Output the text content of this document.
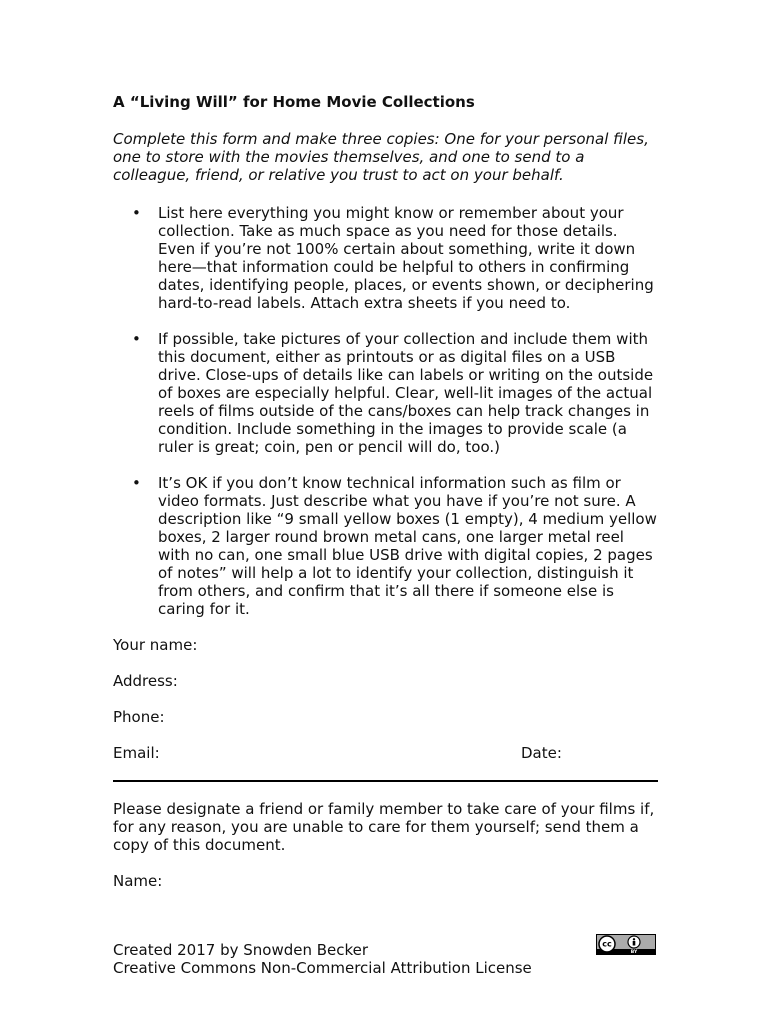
A “Living Will” for Home Movie Collections

Complete this form and make three copies: One for your personal files, one to store with the movies themselves, and one to send to a colleague, friend, or relative you trust to act on your behalf.

• List here everything you might know or remember about your collection. Take as much space as you need for those details. Even if you’re not 100% certain about something, write it down here—that information could be helpful to others in confirming dates, identifying people, places, or events shown, or deciphering hard-to-read labels. Attach extra sheets if you need to.
• If possible, take pictures of your collection and include them with this document, either as printouts or as digital files on a USB drive. Close-ups of details like can labels or writing on the outside of boxes are especially helpful. Clear, well-lit images of the actual reels of films outside of the cans/boxes can help track changes in condition. Include something in the images to provide scale (a ruler is great; coin, pen or pencil will do, too.)
• It’s OK if you don’t know technical information such as film or video formats. Just describe what you have if you’re not sure. A description like “9 small yellow boxes (1 empty), 4 medium yellow boxes, 2 larger round brown metal cans, one larger metal reel with no can, one small blue USB drive with digital copies, 2 pages of notes” will help a lot to identify your collection, distinguish it from others, and confirm that it’s all there if someone else is caring for it.

Your name:

Address:

Phone:

Email:	Date:

Please designate a friend or family member to take care of your films if, for any reason, you are unable to care for them yourself; send them a copy of this document.

Name:

Created 2017 by Snowden Becker
Creative Commons Non-Commercial Attribution License
cc
BY
